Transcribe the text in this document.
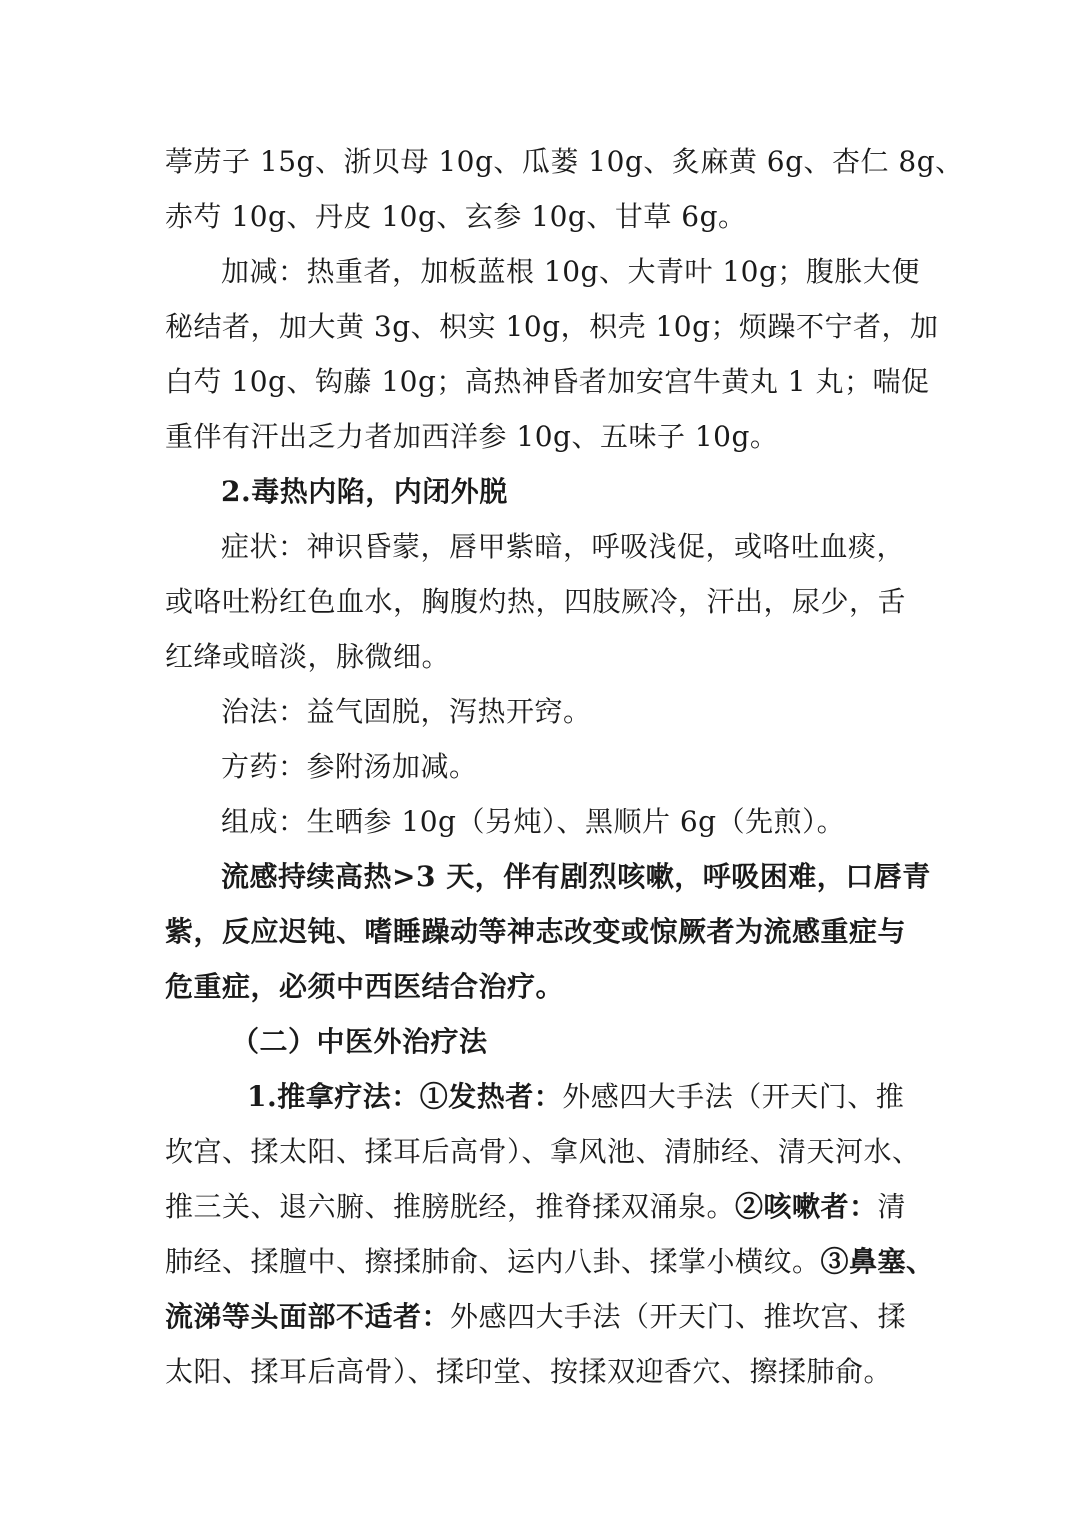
葶苈子 15g、浙贝母 10g、瓜蒌 10g、炙麻黄 6g、杏仁 8g、
赤芍 10g、丹皮 10g、玄参 10g、甘草 6g。
加减：热重者，加板蓝根 10g、大青叶 10g；腹胀大便
秘结者，加大黄 3g、枳实 10g，枳壳 10g；烦躁不宁者，加
白芍 10g、钩藤 10g；高热神昏者加安宫牛黄丸 1 丸；喘促
重伴有汗出乏力者加西洋参 10g、五味子 10g。
2.毒热内陷，内闭外脱
症状：神识昏蒙，唇甲紫暗，呼吸浅促，或咯吐血痰，
或咯吐粉红色血水，胸腹灼热，四肢厥冷，汗出，尿少，舌
红绛或暗淡，脉微细。
治法：益气固脱，泻热开窍。
方药：参附汤加减。
组成：生晒参 10g（另炖）、黑顺片 6g（先煎）。
流感持续高热>3 天，伴有剧烈咳嗽，呼吸困难，口唇青
紫，反应迟钝、嗜睡躁动等神志改变或惊厥者为流感重症与
危重症，必须中西医结合治疗。
（二）中医外治疗法
1.推拿疗法：①发热者：外感四大手法（开天门、推
坎宫、揉太阳、揉耳后高骨）、拿风池、清肺经、清天河水、
推三关、退六腑、推膀胱经，推脊揉双涌泉。②咳嗽者：清
肺经、揉膻中、擦揉肺俞、运内八卦、揉掌小横纹。③鼻塞、
流涕等头面部不适者：外感四大手法（开天门、推坎宫、揉
太阳、揉耳后高骨）、揉印堂、按揉双迎香穴、擦揉肺俞。
